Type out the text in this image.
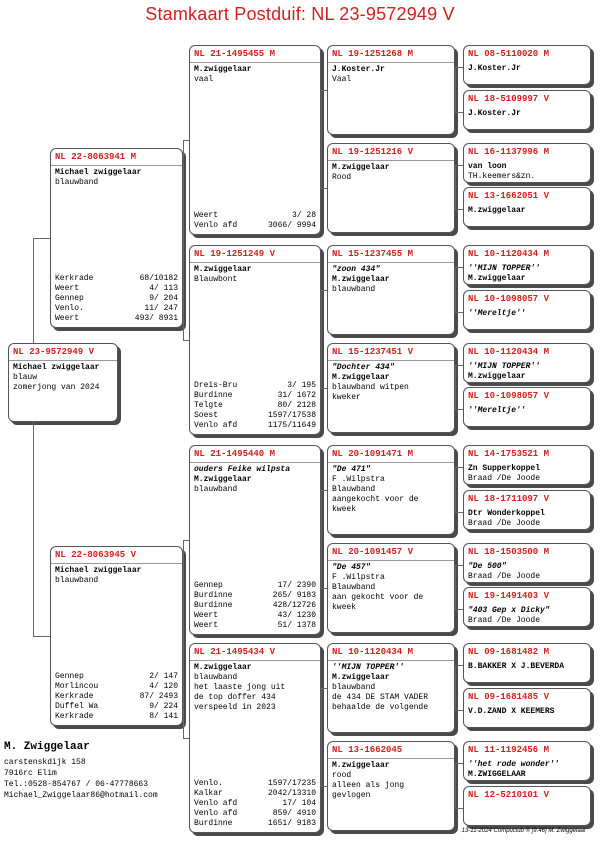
Stamkaart Postduif: NL 23-9572949 V
NL 23-9572949 V
Michael zwiggelaar
blauw
zomerjong van 2024
NL 22-8063941 M
Michael zwiggelaar
blauwband
Kerkrade	68/10182
Weert	4/ 113
Gennep	9/ 204
Venlo.	11/ 247
Weert	493/ 8931
NL 22-8063945 V
Michael zwiggelaar
blauwband
Gennep	2/ 147
Morlincou	4/ 120
Kerkrade	87/ 2493
Duffel Wa	9/ 224
Kerkrade	8/ 141
NL 21-1495455 M
M.zwiggelaar
vaal
Weert	3/ 28
Venlo afd	3066/ 9994
NL 19-1251249 V
M.zwiggelaar
Blauwbont
Dreis-Bru	3/ 195
Burdinne	31/ 1672
Telgte	80/ 2128
Soest	1597/17538
Venlo afd	1175/11649
NL 21-1495440 M
ouders Feike wilpsta
M.zwiggelaar
blauwband
Gennep	17/ 2390
Burdinne	265/ 9183
Burdinne	428/12726
Weert	43/ 1230
Weert	51/ 1378
NL 21-1495434 V
M.zwiggelaar
blauwband
het laaste jong uit
de top doffer 434
verspeeld in 2023
Venlo.	1597/17235
Kalkar	2042/13310
Venlo afd	17/ 104
Venlo afd	859/ 4910
Burdinne	1651/ 9183
NL 19-1251268 M
J.Koster.Jr
Vaal
NL 19-1251216 V
M.zwiggelaar
Rood
NL 15-1237455 M
"zoon 434"
M.zwiggelaar
blauwband
NL 15-1237451 V
"Dochter 434"
M.zwiggelaar
blauwband witpen
kweker
NL 20-1091471 M
"De 471"
F .Wilpstra
Blauwband
aangekocht voor de
kweek
NL 20-1091457 V
"De 457"
F .Wilpstra
Blauwband
aan gekocht voor de
kweek
NL 10-1120434 M
''MIJN TOPPER''
M.zwiggelaar
blauwband
de 434 DE STAM VADER
behaalde de volgende
NL 13-1662045
M.zwiggelaar
rood
alleen als jong
gevlogen
NL 08-5110020 M
J.Koster.Jr
NL 18-5109997 V
J.Koster.Jr
NL 16-1137996 M
van loon
TH.keemers&zn.
NL 13-1662051 V
M.zwiggelaar
NL 10-1120434 M
''MIJN TOPPER''
M.zwiggelaar
NL 10-1098057 V
''Mereltje''
NL 10-1120434 M
''MIJN TOPPER''
M.zwiggelaar
NL 10-1098057 V
''Mereltje''
NL 14-1753521 M
Zn Supperkoppel
Braad /De Joode
NL 18-1711097 V
Dtr Wonderkoppel
Braad /De Joode
NL 18-1503500 M
"De 500"
Braad /De Joode
NL 19-1491403 V
"403 Gep x Dicky"
Braad /De Joode
NL 09-1681482 M
B.BAKKER X J.BEVERDA
NL 09-1681485 V
V.D.ZAND X KEEMERS
NL 11-1192456 M
''het rode wonder''
M.ZWIGGELAAR
NL 12-5210101 V
M. Zwiggelaar
carstenskdijk 158
7916rc Elim
Tel.:0528-854767 / 06-47778663
Michael_Zwiggelaar86@hotmail.com
13-11-2024 Compuclub ® [9.46] M. Zwiggelaar
